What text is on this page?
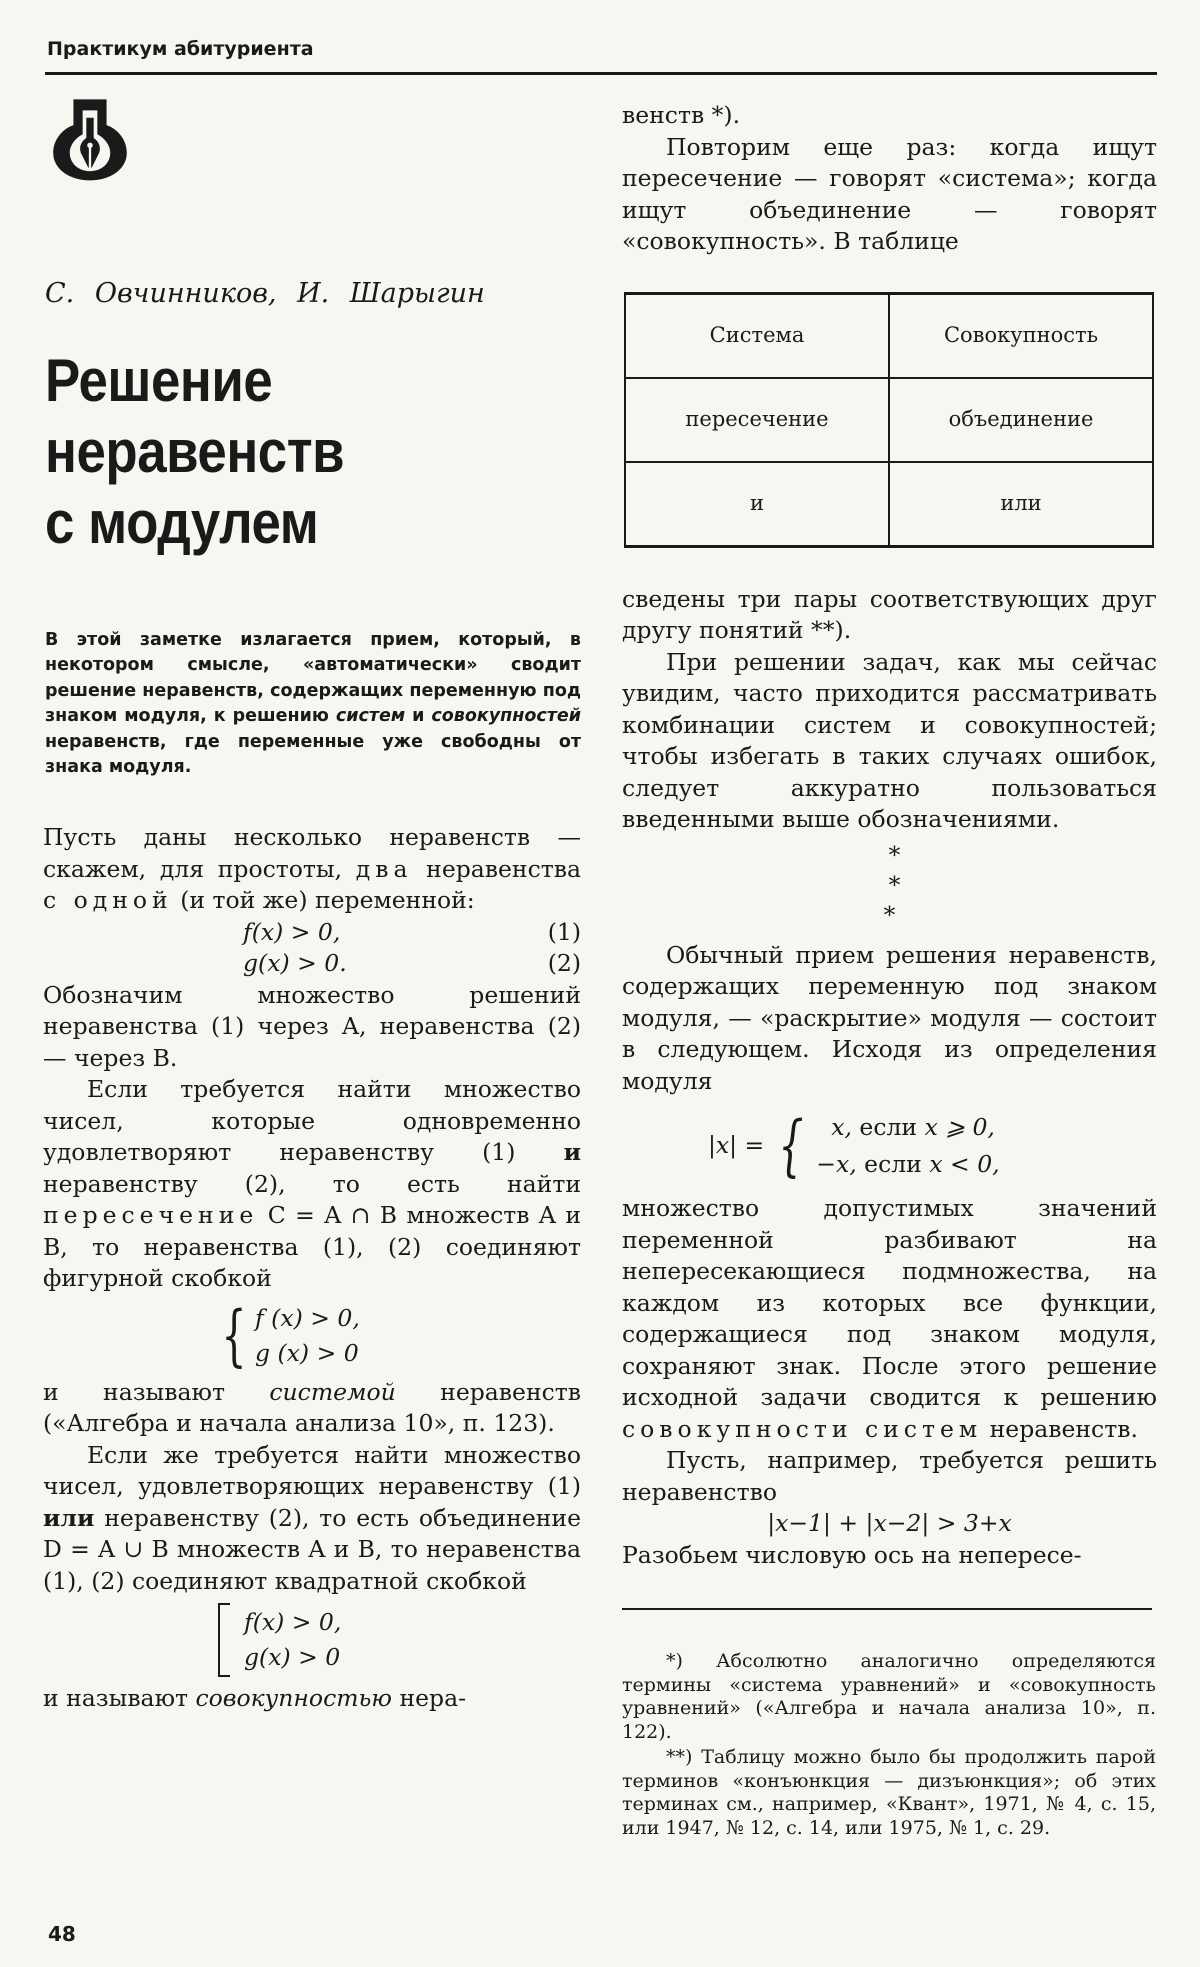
Практикум абитуриента
С. Овчинников, И. Шарыгин
Решение
неравенств
с модулем
В этой заметке излагается прием, который, в некотором смысле, «автоматически» сводит решение неравенств, содержащих переменную под знаком модуля, к решению систем и совокупностей неравенств, где переменные уже свободны от знака модуля.

Пусть даны несколько неравенств — скажем, для простоты, два неравенства с одной (и той же) переменной:

f(x) > 0,	(1)
g(x) > 0.	(2)

Обозначим множество решений неравенства (1) через A, неравенства (2) — через B.

Если требуется найти множество чисел, которые одновременно удовлетворяют неравенству (1) и неравенству (2), то есть найти пересечение C = A ∩ B множеств A и B, то неравенства (1), (2) соединяют фигурной скобкой

{ f (x) > 0,
g (x) > 0

и называют системой неравенств («Алгебра и начала анализа 10», п. 123).

Если же требуется найти множество чисел, удовлетворяющих неравенству (1) или неравенству (2), то есть объединение D = A ∪ B множеств A и B, то неравенства (1), (2) соединяют квадратной скобкой

f(x) > 0,
g(x) > 0

и называют совокупностью нера-

венств *).

Повторим еще раз: когда ищут пересечение — говорят «система»; когда ищут объединение — говорят «совокупность». В таблице

Система	Совокупность
пересечение	объединение
и	или

сведены три пары соответствующих друг другу понятий **).

При решении задач, как мы сейчас увидим, часто приходится рассматривать комбинации систем и совокупностей; чтобы избегать в таких случаях ошибок, следует аккуратно пользоваться введенными выше обозначениями.

* *
*

Обычный прием решения неравенств, содержащих переменную под знаком модуля, — «раскрытие» модуля — состоит в следующем. Исходя из определения модуля

|x| = {	x, если x ⩾ 0,
−x, если x < 0,

множество допустимых значений переменной разбивают на непересекающиеся подмножества, на каждом из которых все функции, содержащиеся под знаком модуля, сохраняют знак. После этого решение исходной задачи сводится к решению совокупности систем неравенств.

Пусть, например, требуется решить неравенство

|x−1| + |x−2| > 3+x

Разобьем числовую ось на непересе-

*) Абсолютно аналогично определяются термины «система уравнений» и «совокупность уравнений» («Алгебра и начала анализа 10», п. 122).

**) Таблицу можно было бы продолжить парой терминов «конъюнкция — дизъюнкция»; об этих терминах см., например, «Квант», 1971, № 4, с. 15, или 1947, № 12, с. 14, или 1975, № 1, с. 29.

48
